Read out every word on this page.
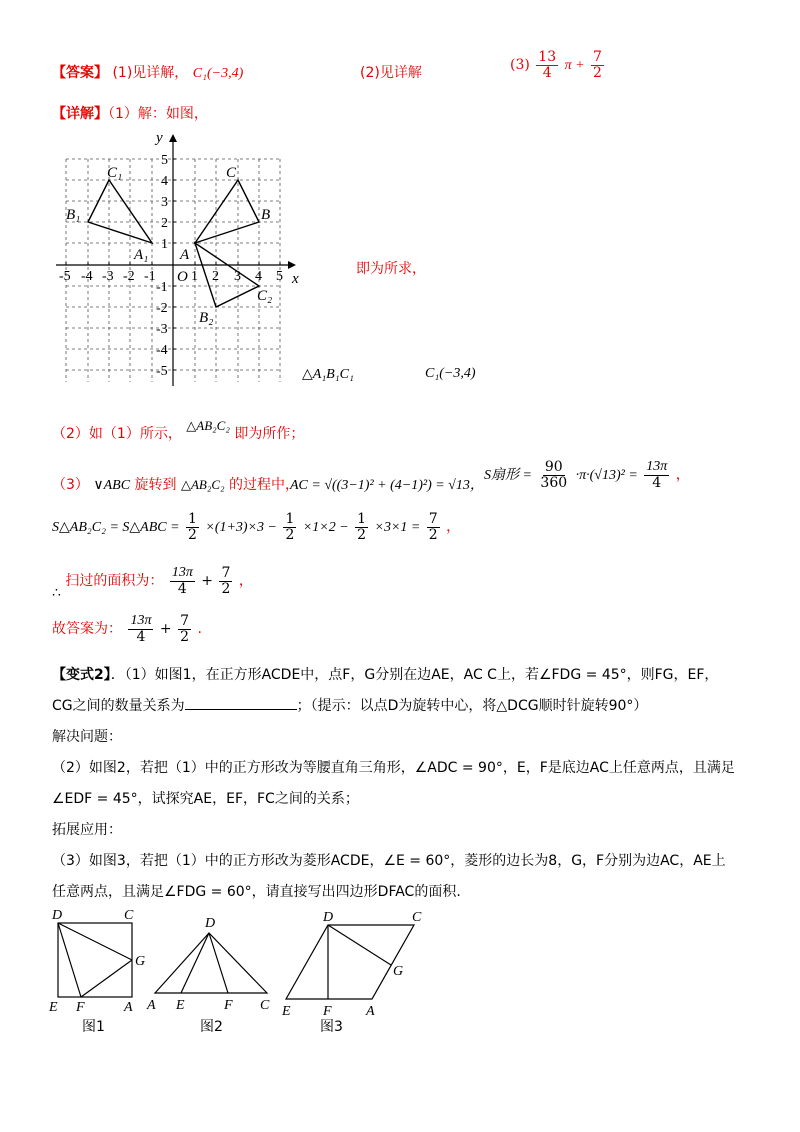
【答案】 (1)见详解， C₁(−3,4)	(2)见详解	$(3) \frac{13}{4}$ $\pi + \frac{7}{2}$
【详解】（1）解：如图，
-5 -4 -3 -2 -1	1 2 3 4 5
5
4
3
2
1
-1
-2
-3
-4
-5
x
y
O
A
B
C
A₁
B₁
C₁
B₂
C₂
即为所求，
△A₁B₁C₁	C₁(−3,4)
（2）如（1）所示， △AB₂C₂ 即为所作；
（3） ∨ABC 旋转到 △AB₂C₂ 的过程中，
AC = √((3−1)² + (4−1)²) = √13，
S扇形 = $\frac{90}{360} \cdot\pi\cdot(√13)^2 = \frac{13\pi}{4}$ ，
S△AB₂C₂ = S△ABC = $\frac{1}{2} \times(1+3)\times 3 - \frac{1}{2} \times 1\times 2 - \frac{1}{2} \times 3\times 1 = \frac{7}{2}$ ，
∴ 扫过的面积为： $\frac{13\pi}{4} + \frac{7}{2}$ ，
故答案为： $\frac{13\pi}{4} + \frac{7}{2}$ .
【变式2】．（1）如图1，在正方形ACDE中，点F，G分别在边AE，AC C上，若∠FDG = 45°，则FG，EF，
CG之间的数量关系为	；（提示：以点D为旋转中心，将△DCG顺时针旋转90°）
解决问题：
（2）如图2，若把（1）中的正方形改为等腰直角三角形，∠ADC = 90°，E，F是底边AC上任意两点，且满足
∠EDF = 45°，试探究AE，EF，FC之间的关系；
拓展应用：
（3）如图3，若把（1）中的正方形改为菱形ACDE，∠E = 60°，菱形的边长为8，G，F分别为边AC，AE上
任意两点，且满足∠FDG = 60°，请直接写出四边形DFAC的面积.
D	C
G
E F	A
图1
D
A E	F C
图2
D	C
G
E F A
图3
